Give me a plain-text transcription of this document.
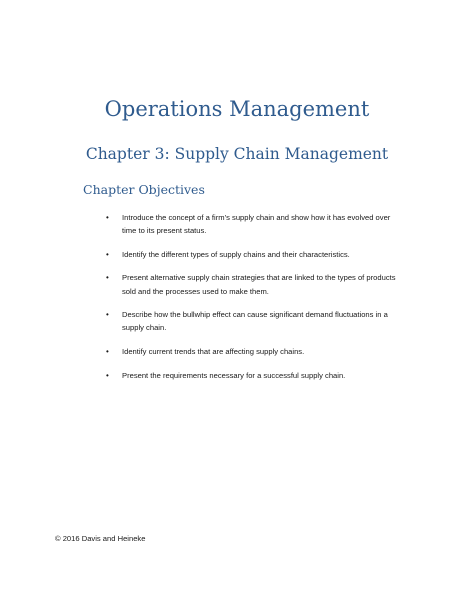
Operations Management
Chapter 3: Supply Chain Management
Chapter Objectives
• Introduce the concept of a firm’s supply chain and show how it has evolved over time to its present status.
• Identify the different types of supply chains and their characteristics.
• Present alternative supply chain strategies that are linked to the types of products sold and the processes used to make them.
• Describe how the bullwhip effect can cause significant demand fluctuations in a supply chain.
• Identify current trends that are affecting supply chains.
• Present the requirements necessary for a successful supply chain.

© 2016 Davis and Heineke
